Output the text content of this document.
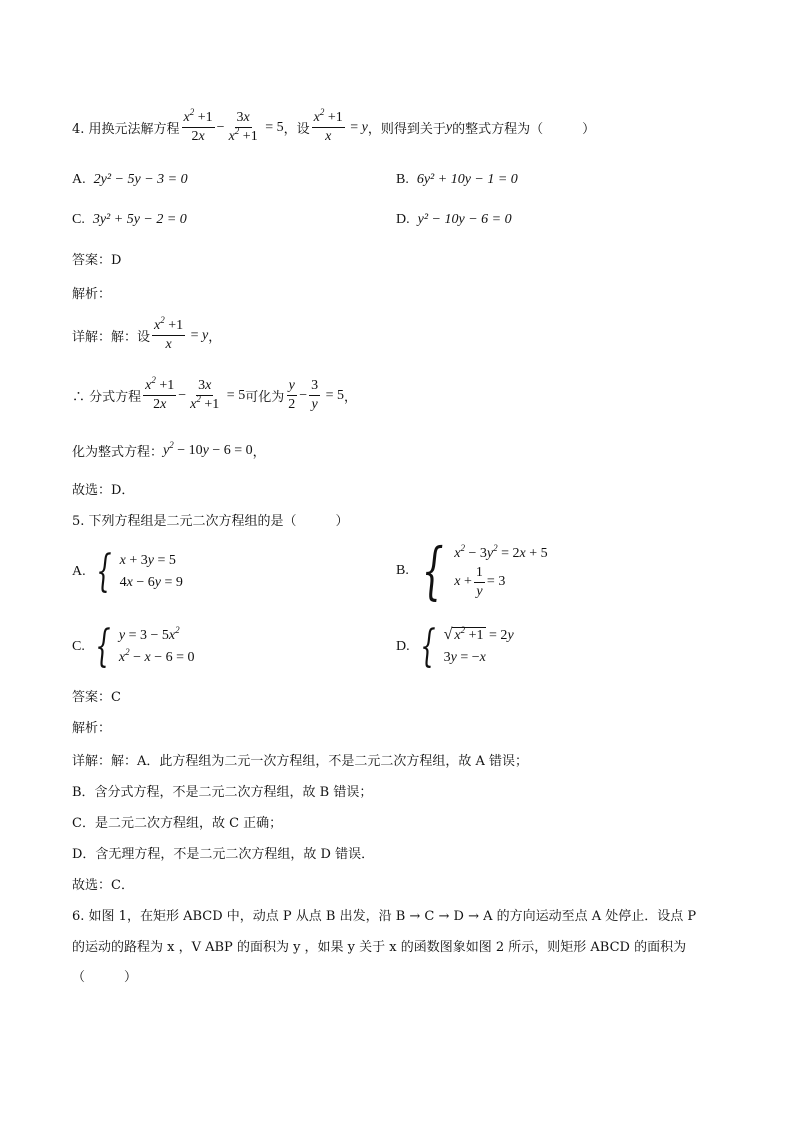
4. 用换元法解方程 $\frac{x^2 +1}{2x} - \frac{3x}{x^2 +1} = 5$ ，设 $\frac{x^2 +1}{x} = y$ ，则得到关于 y 的整式方程为（　　　）
A. 2y² − 5y − 3 = 0	B. 6y² + 10y − 1 = 0
C. 3y² + 5y − 2 = 0	D. y² − 10y − 6 = 0
答案：D
解析：
详解：解：设 $\frac{x^2 +1}{x} = y$ ，
∴ 分式方程 $\frac{x^2 +1}{2x} - \frac{3x}{x^2 +1} = 5$ 可化为 $\frac{y}{2} - \frac{3}{y} = 5$ ，
化为整式方程： $y^2 - 10y - 6 = 0$ ，
故选：D．
5. 下列方程组是二元二次方程组的是（　　　）
A. { x + 3y = 5
4x − 6y = 9
B. { $x^2 - 3y^2 = 2x + 5$
$x + \frac{1}{y} = 3$
C. { $y = 3 - 5x^2$
$x^2 - x - 6 = 0$
D. { √ $x^2 +1 = 2y$
3y = −x
答案：C
解析：
详解：解：A．此方程组为二元一次方程组，不是二元二次方程组，故 A 错误；
B．含分式方程，不是二元二次方程组，故 B 错误；
C．是二元二次方程组，故 C 正确；
D．含无理方程，不是二元二次方程组，故 D 错误．
故选：C．
6. 如图 1，在矩形 ABCD 中，动点 P 从点 B 出发，沿 B → C → D → A 的方向运动至点 A 处停止．设点 P
的运动的路程为 x ，V ABP 的面积为 y ，如果 y 关于 x 的函数图象如图 2 所示，则矩形 ABCD 的面积为
（　　　）
